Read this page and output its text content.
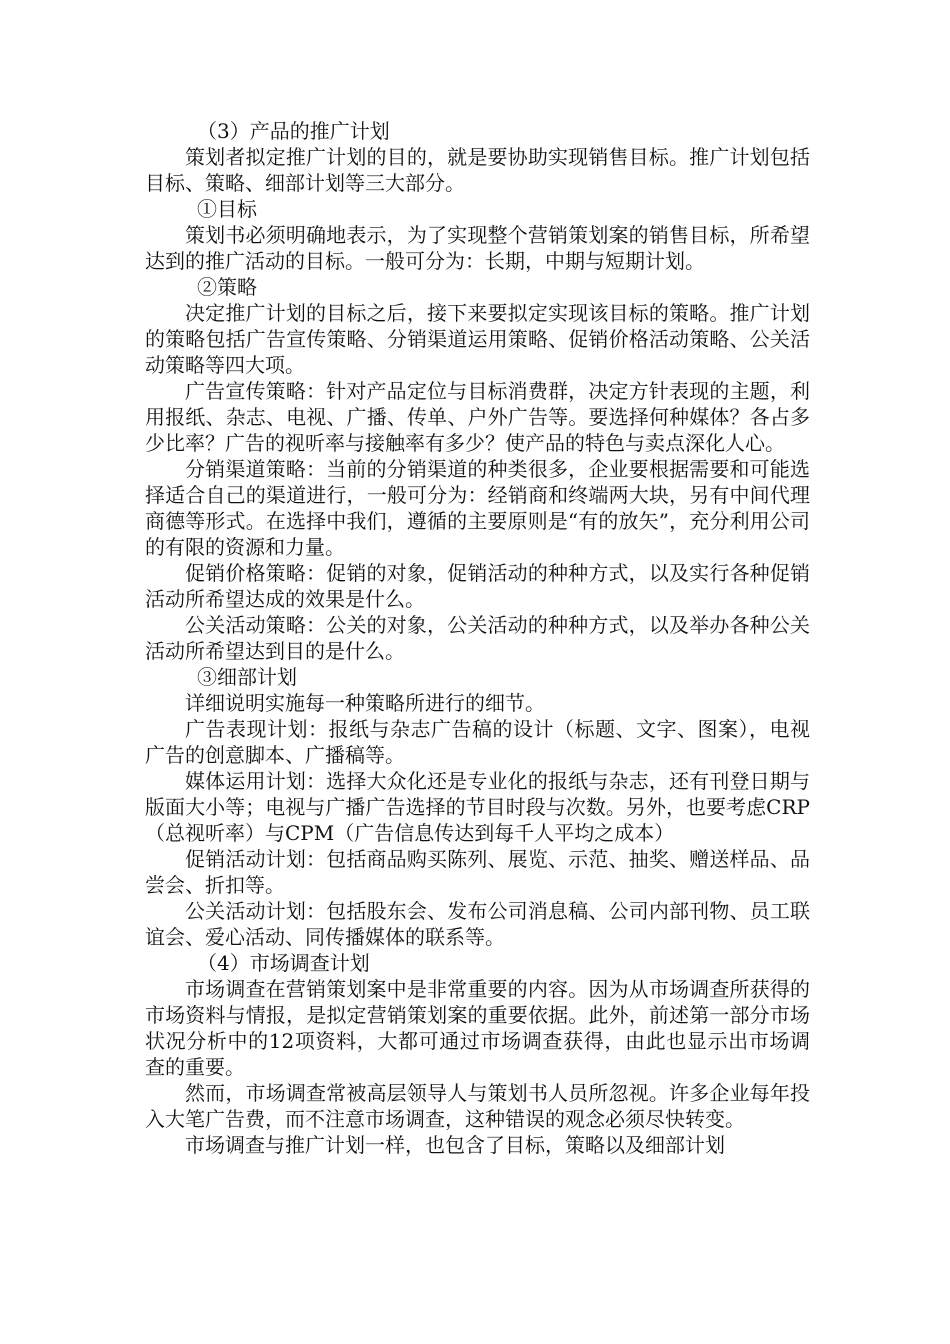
（3）产品的推广计划

策划者拟定推广计划的目的，就是要协助实现销售目标。推广计划包括目标、策略、细部计划等三大部分。

①目标

策划书必须明确地表示，为了实现整个营销策划案的销售目标，所希望达到的推广活动的目标。一般可分为：长期，中期与短期计划。

②策略

决定推广计划的目标之后，接下来要拟定实现该目标的策略。推广计划的策略包括广告宣传策略、分销渠道运用策略、促销价格活动策略、公关活动策略等四大项。

广告宣传策略：针对产品定位与目标消费群，决定方针表现的主题，利用报纸、杂志、电视、广播、传单、户外广告等。要选择何种媒体？各占多少比率？广告的视听率与接触率有多少？使产品的特色与卖点深化人心。

分销渠道策略：当前的分销渠道的种类很多，企业要根据需要和可能选择适合自己的渠道进行，一般可分为：经销商和终端两大块，另有中间代理商德等形式。在选择中我们，遵循的主要原则是“有的放矢”，充分利用公司的有限的资源和力量。

促销价格策略：促销的对象，促销活动的种种方式，以及实行各种促销活动所希望达成的效果是什么。

公关活动策略：公关的对象，公关活动的种种方式，以及举办各种公关活动所希望达到目的是什么。

③细部计划

详细说明实施每一种策略所进行的细节。

广告表现计划：报纸与杂志广告稿的设计（标题、文字、图案），电视广告的创意脚本、广播稿等。

媒体运用计划：选择大众化还是专业化的报纸与杂志，还有刊登日期与版面大小等；电视与广播广告选择的节目时段与次数。另外，也要考虑CRP（总视听率）与CPM（广告信息传达到每千人平均之成本）

促销活动计划：包括商品购买陈列、展览、示范、抽奖、赠送样品、品尝会、折扣等。

公关活动计划：包括股东会、发布公司消息稿、公司内部刊物、员工联谊会、爱心活动、同传播媒体的联系等。

（4）市场调查计划

市场调查在营销策划案中是非常重要的内容。因为从市场调查所获得的市场资料与情报，是拟定营销策划案的重要依据。此外，前述第一部分市场状况分析中的12项资料，大都可通过市场调查获得，由此也显示出市场调查的重要。

然而，市场调查常被高层领导人与策划书人员所忽视。许多企业每年投入大笔广告费，而不注意市场调查，这种错误的观念必须尽快转变。

市场调查与推广计划一样，也包含了目标，策略以及细部计划
